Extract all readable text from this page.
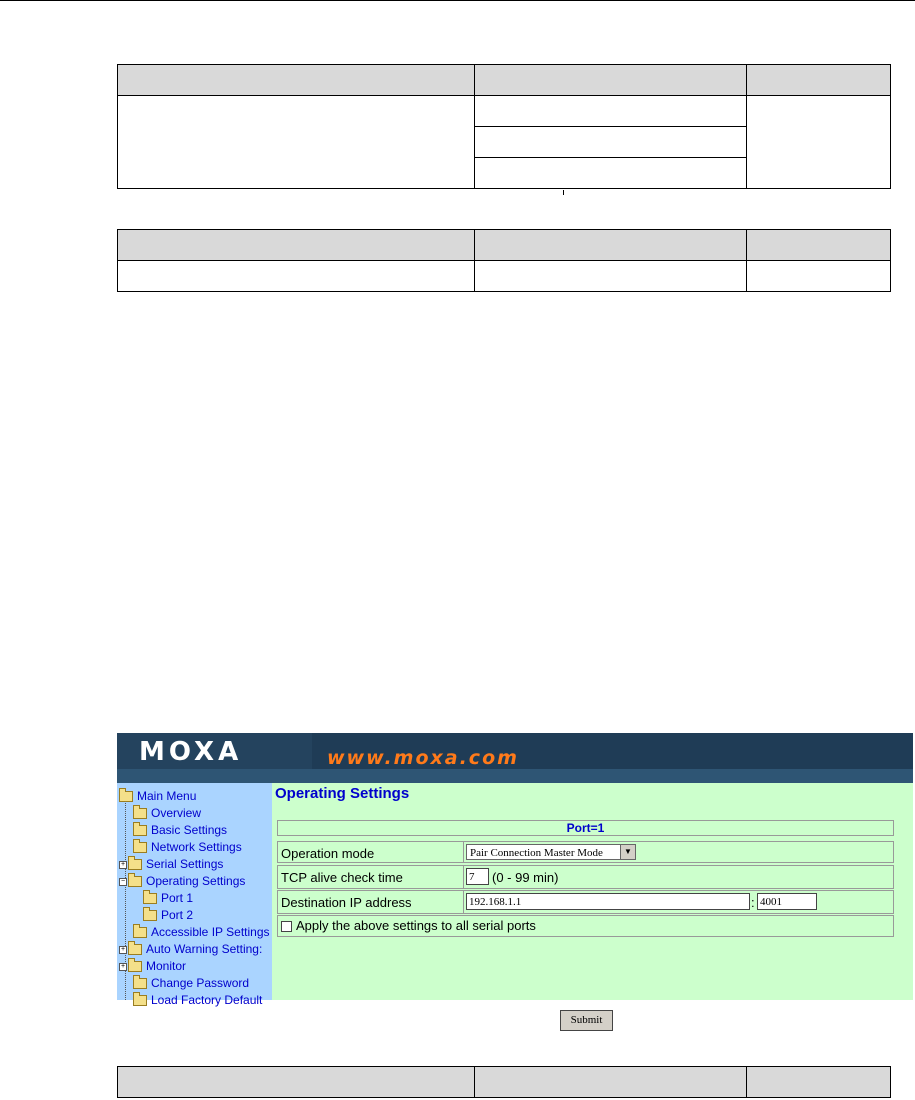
MOXA	www.moxa.com
Main Menu
Overview
Basic Settings
Network Settings
+ Serial Settings
− Operating Settings
Port 1
Port 2
Accessible IP Settings
+ Auto Warning Setting:
+ Monitor
Change Password
Load Factory Default
Operating Settings
Port=1
Operation mode	Pair Connection Master Mode	▼
TCP alive check time	7	(0 - 99 min)
Destination IP address	192.168.1.1	: 4001
Apply the above settings to all serial ports
Submit
